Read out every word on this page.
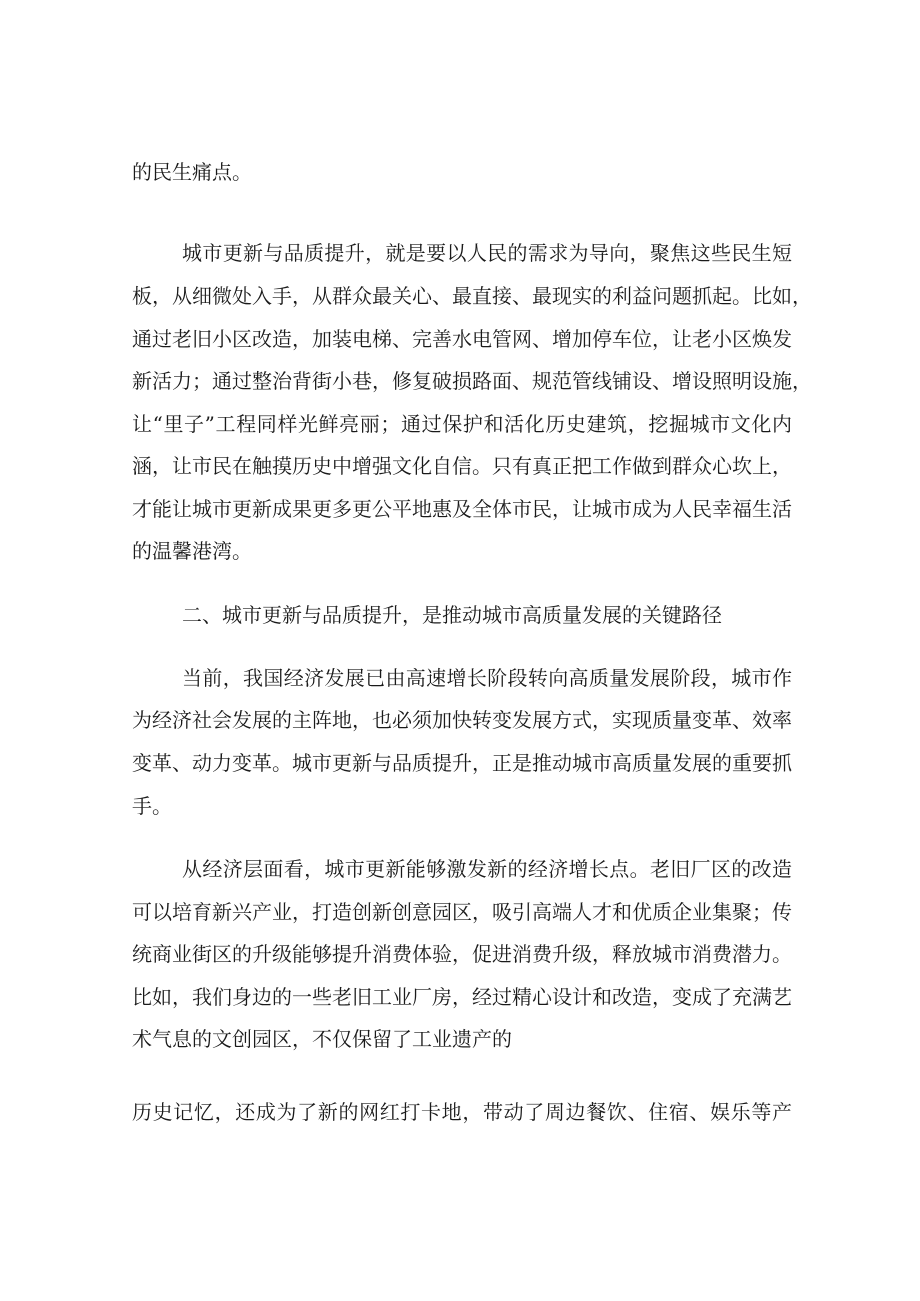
的民生痛点。
城市更新与品质提升，就是要以人民的需求为导向，聚焦这些民生短
板，从细微处入手，从群众最关心、最直接、最现实的利益问题抓起。比如，
通过老旧小区改造，加装电梯、完善水电管网、增加停车位，让老小区焕发
新活力；通过整治背街小巷，修复破损路面、规范管线铺设、增设照明设施，
让“里子”工程同样光鲜亮丽；通过保护和活化历史建筑，挖掘城市文化内
涵，让市民在触摸历史中增强文化自信。只有真正把工作做到群众心坎上，
才能让城市更新成果更多更公平地惠及全体市民，让城市成为人民幸福生活
的温馨港湾。
二、城市更新与品质提升，是推动城市高质量发展的关键路径
当前，我国经济发展已由高速增长阶段转向高质量发展阶段，城市作
为经济社会发展的主阵地，也必须加快转变发展方式，实现质量变革、效率
变革、动力变革。城市更新与品质提升，正是推动城市高质量发展的重要抓
手。
从经济层面看，城市更新能够激发新的经济增长点。老旧厂区的改造
可以培育新兴产业，打造创新创意园区，吸引高端人才和优质企业集聚；传
统商业街区的升级能够提升消费体验，促进消费升级，释放城市消费潜力。
比如，我们身边的一些老旧工业厂房，经过精心设计和改造，变成了充满艺
术气息的文创园区，不仅保留了工业遗产的
历史记忆，还成为了新的网红打卡地，带动了周边餐饮、住宿、娱乐等产
